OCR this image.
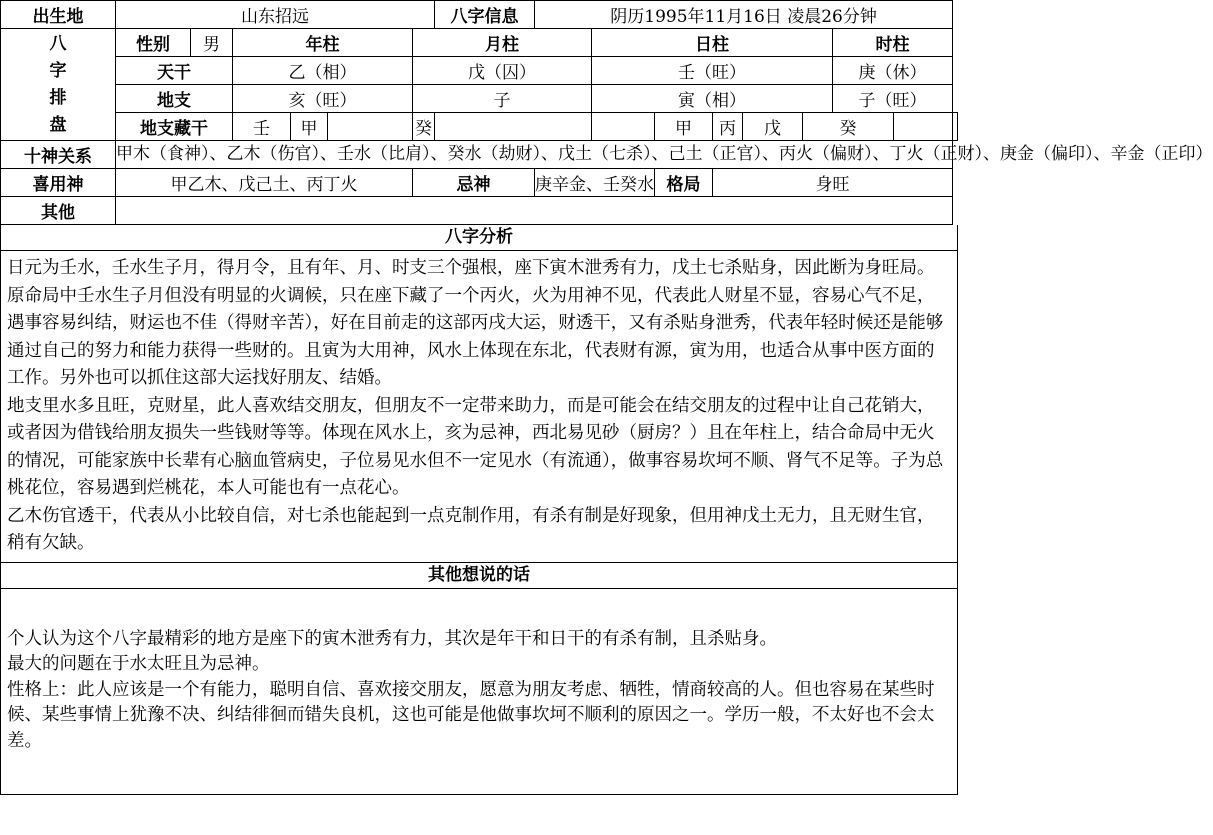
出生地	山东招远						八字信息	阴历1995年11月16日 凌晨26分钟								

八
字
排
盘	性别	男	年柱			月柱			日柱					时柱		
	天干		乙（相）			戊（囚）			壬（旺）					庚（休）		
	地支		亥（旺）			子			寅（相）					子（旺）		
	地支藏干		壬	甲		癸				甲	丙	戊	癸			
十神关系	甲木（食神）、乙木（伤官）、壬水（比肩）、癸水（劫财）、戊土（七杀）、己土（正官）、丙火（偏财）、丁火（正财）、庚金（偏印）、辛金（正印）															
喜用神	甲乙木、戊己土、丙丁火					忌神		庚辛金、壬癸水		格局	身旺					
其他																
八字分析

日元为壬水，壬水生子月，得月令，且有年、月、时支三个强根，座下寅木泄秀有力，戊土七杀贴身，因此断为身旺局。

原命局中壬水生子月但没有明显的火调候，只在座下藏了一个丙火，火为用神不见，代表此人财星不显，容易心气不足，遇事容易纠结，财运也不佳（得财辛苦），好在目前走的这部丙戌大运，财透干，又有杀贴身泄秀，代表年轻时候还是能够通过自己的努力和能力获得一些财的。且寅为大用神，风水上体现在东北，代表财有源，寅为用，也适合从事中医方面的工作。另外也可以抓住这部大运找好朋友、结婚。

地支里水多且旺，克财星，此人喜欢结交朋友，但朋友不一定带来助力，而是可能会在结交朋友的过程中让自己花销大，或者因为借钱给朋友损失一些钱财等等。体现在风水上，亥为忌神，西北易见砂（厨房？）且在年柱上，结合命局中无火的情况，可能家族中长辈有心脑血管病史，子位易见水但不一定见水（有流通），做事容易坎坷不顺、肾气不足等。子为总桃花位，容易遇到烂桃花，本人可能也有一点花心。

乙木伤官透干，代表从小比较自信，对七杀也能起到一点克制作用，有杀有制是好现象，但用神戊土无力，且无财生官，稍有欠缺。

其他想说的话

个人认为这个八字最精彩的地方是座下的寅木泄秀有力，其次是年干和日干的有杀有制，且杀贴身。

最大的问题在于水太旺且为忌神。

性格上：此人应该是一个有能力，聪明自信、喜欢接交朋友，愿意为朋友考虑、牺牲，情商较高的人。但也容易在某些时候、某些事情上犹豫不决、纠结徘徊而错失良机，这也可能是他做事坎坷不顺利的原因之一。学历一般，不太好也不会太差。
